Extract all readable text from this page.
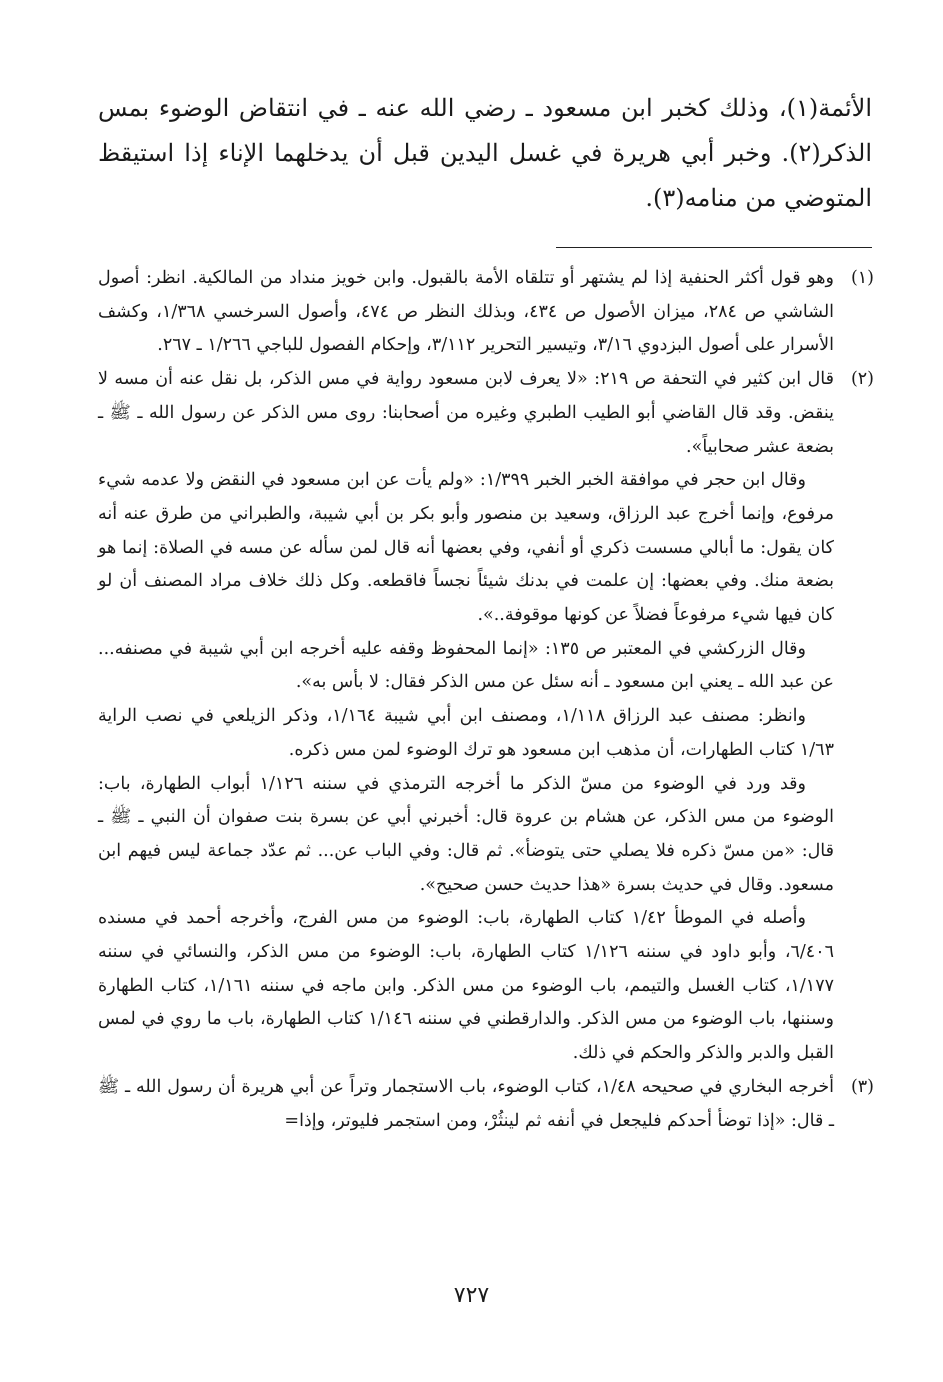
الأئمة(١)، وذلك كخبر ابن مسعود ـ رضي الله عنه ـ في انتقاض الوضوء بمس الذكر(٢). وخبر أبي هريرة في غسل اليدين قبل أن يدخلهما الإناء إذا استيقظ المتوضي من منامه(٣).

(١)

وهو قول أكثر الحنفية إذا لم يشتهر أو تتلقاه الأمة بالقبول. وابن خويز منداد من المالكية. انظر: أصول الشاشي ص ٢٨٤، ميزان الأصول ص ٤٣٤، وبذلك النظر ص ٤٧٤، وأصول السرخسي ١/٣٦٨، وكشف الأسرار على أصول البزدوي ٣/١٦، وتيسير التحرير ٣/١١٢، وإحكام الفصول للباجي ١/٢٦٦ ـ ٢٦٧.

(٢)

قال ابن كثير في التحفة ص ٢١٩: «لا يعرف لابن مسعود رواية في مس الذكر، بل نقل عنه أن مسه لا ينقض. وقد قال القاضي أبو الطيب الطبري وغيره من أصحابنا: روى مس الذكر عن رسول الله ـ ﷺ ـ بضعة عشر صحابياً».

وقال ابن حجر في موافقة الخبر الخبر ١/٣٩٩: «ولم يأت عن ابن مسعود في النقض ولا عدمه شيء مرفوع، وإنما أخرج عبد الرزاق، وسعيد بن منصور وأبو بكر بن أبي شيبة، والطبراني من طرق عنه أنه كان يقول: ما أبالي مسست ذكري أو أنفي، وفي بعضها أنه قال لمن سأله عن مسه في الصلاة: إنما هو بضعة منك. وفي بعضها: إن علمت في بدنك شيئاً نجساً فاقطعه. وكل ذلك خلاف مراد المصنف أن لو كان فيها شيء مرفوعاً فضلاً عن كونها موقوفة..».

وقال الزركشي في المعتبر ص ١٣٥: «إنما المحفوظ وقفه عليه أخرجه ابن أبي شيبة في مصنفه... عن عبد الله ـ يعني ابن مسعود ـ أنه سئل عن مس الذكر فقال: لا بأس به».

وانظر: مصنف عبد الرزاق ١/١١٨، ومصنف ابن أبي شيبة ١/١٦٤، وذكر الزيلعي في نصب الراية ١/٦٣ كتاب الطهارات، أن مذهب ابن مسعود هو ترك الوضوء لمن مس ذكره.

وقد ورد في الوضوء من مسّ الذكر ما أخرجه الترمذي في سننه ١/١٢٦ أبواب الطهارة، باب: الوضوء من مس الذكر، عن هشام بن عروة قال: أخبرني أبي عن بسرة بنت صفوان أن النبي ـ ﷺ ـ قال: «من مسّ ذكره فلا يصلي حتى يتوضأ». ثم قال: وفي الباب عن... ثم عدّد جماعة ليس فيهم ابن مسعود. وقال في حديث بسرة «هذا حديث حسن صحيح».

وأصله في الموطأ ١/٤٢ كتاب الطهارة، باب: الوضوء من مس الفرج، وأخرجه أحمد في مسنده ٦/٤٠٦، وأبو داود في سننه ١/١٢٦ كتاب الطهارة، باب: الوضوء من مس الذكر، والنسائي في سننه ١/١٧٧، كتاب الغسل والتيمم، باب الوضوء من مس الذكر. وابن ماجه في سننه ١/١٦١، كتاب الطهارة وسننها، باب الوضوء من مس الذكر. والدارقطني في سننه ١/١٤٦ كتاب الطهارة، باب ما روي في لمس القبل والدبر والذكر والحكم في ذلك.

(٣)

أخرجه البخاري في صحيحه ١/٤٨، كتاب الوضوء، باب الاستجمار وتراً عن أبي هريرة أن رسول الله ـ ﷺ ـ قال: «إذا توضأ أحدكم فليجعل في أنفه ثم لينثُرْ، ومن استجمر فليوتر، وإذا=

٧٢٧
